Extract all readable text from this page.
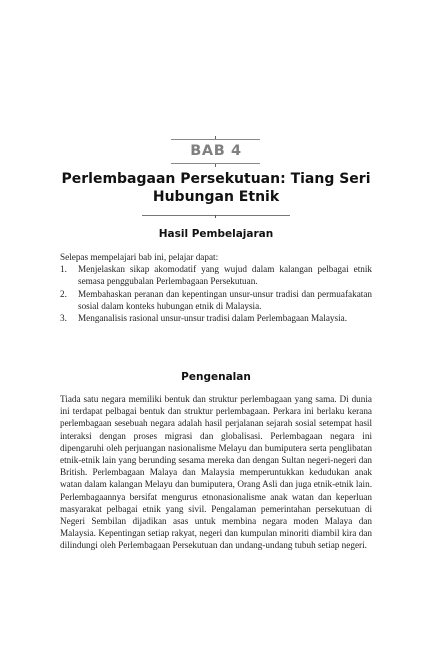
BAB 4
Perlembagaan Persekutuan: Tiang Seri
Hubungan Etnik
Hasil Pembelajaran
Selepas mempelajari bab ini, pelajar dapat:
1. Menjelaskan sikap akomodatif yang wujud dalam kalangan pelbagai etnik semasa penggubalan Perlembagaan Persekutuan.
2. Membahaskan peranan dan kepentingan unsur-unsur tradisi dan permuafakatan sosial dalam konteks hubungan etnik di Malaysia.
3. Menganalisis rasional unsur-unsur tradisi dalam Perlembagaan Malaysia.
Pengenalan
Tiada satu negara memiliki bentuk dan struktur perlembagaan yang sama. Di dunia ini terdapat pelbagai bentuk dan struktur perlembagaan. Perkara ini berlaku kerana perlembagaan sesebuah negara adalah hasil perjalanan sejarah sosial setempat hasil interaksi dengan proses migrasi dan globalisasi. Perlembagaan negara ini dipengaruhi oleh perjuangan nasionalisme Melayu dan bumiputera serta penglibatan etnik-etnik lain yang berunding sesama mereka dan dengan Sultan negeri-negeri dan British. Perlembagaan Malaya dan Malaysia memperuntukkan kedudukan anak watan dalam kalangan Melayu dan bumiputera, Orang Asli dan juga etnik-etnik lain. Perlembagaannya bersifat mengurus etnonasionalisme anak watan dan keperluan masyarakat pelbagai etnik yang sivil. Pengalaman pemerintahan persekutuan di Negeri Sembilan dijadikan asas untuk membina negara moden Malaya dan Malaysia. Kepentingan setiap rakyat, negeri dan kumpulan minoriti diambil kira dan dilindungi oleh Perlembagaan Persekutuan dan undang-undang tubuh setiap negeri.
